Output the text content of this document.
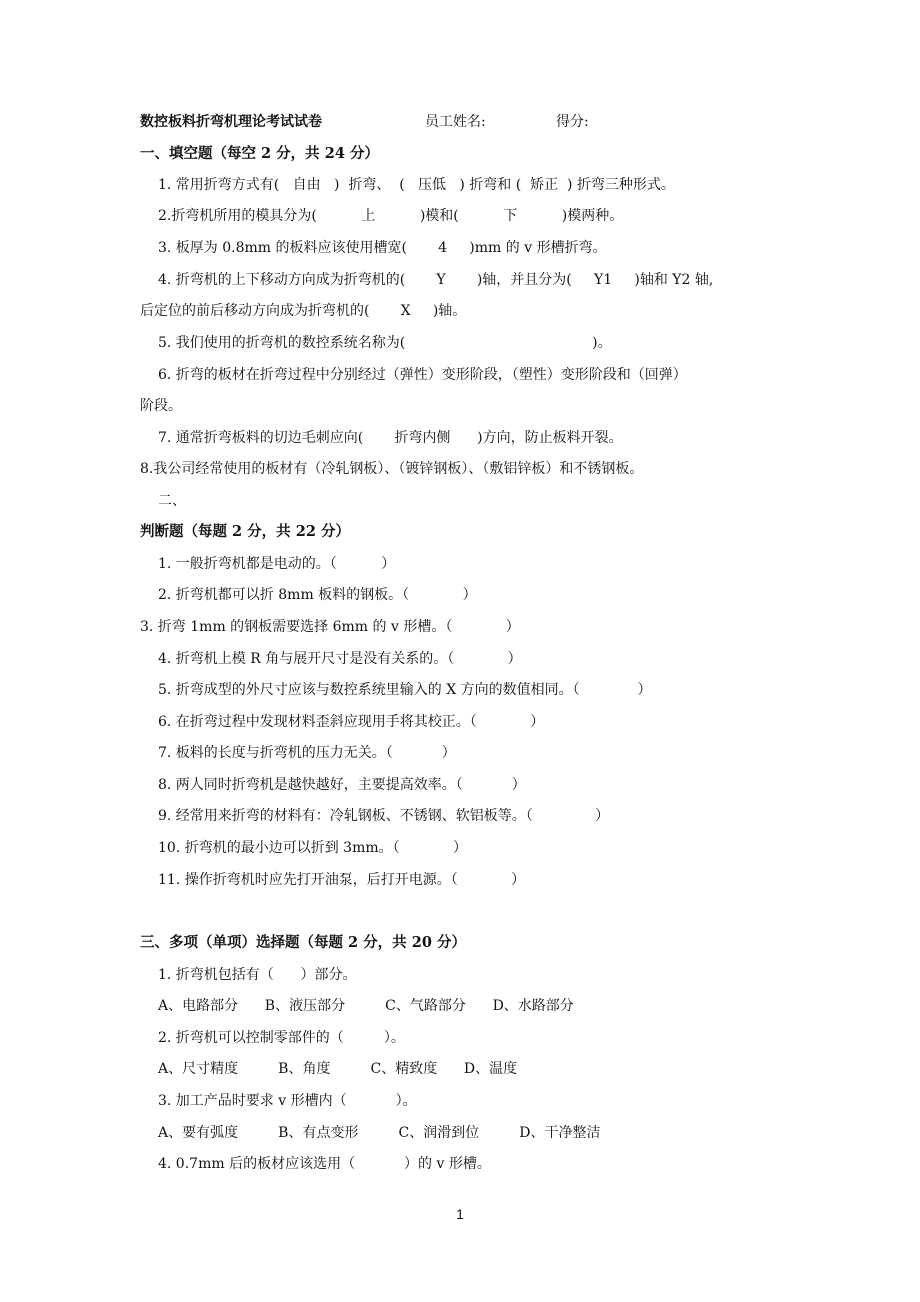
数控板料折弯机理论考试试卷	员工姓名:	得分:
一、填空题（每空 2 分，共 24 分）
1. 常用折弯方式有(   自由   )  折弯、  (   压低   ) 折弯和 (  矫正  ) 折弯三种形式。
2.折弯机所用的模具分为(          上          )模和(          下          )模两种。
3. 板厚为 0.8mm 的板料应该使用槽宽(       4     )mm 的 v 形槽折弯。
4. 折弯机的上下移动方向成为折弯机的(       Y       )轴，并且分为(     Y1     )轴和 Y2 轴,
后定位的前后移动方向成为折弯机的(       X     )轴。
5. 我们使用的折弯机的数控系统名称为(                                          )。
6. 折弯的板材在折弯过程中分别经过（弹性）变形阶段，（塑性）变形阶段和（回弹）
阶段。
7. 通常折弯板料的切边毛刺应向(       折弯内侧      )方向，防止板料开裂。
8.我公司经常使用的板材有（冷轧钢板）、（镀锌钢板）、（敷铝锌板）和不锈钢板。
二、
判断题（每题 2 分，共 22 分）
1. 一般折弯机都是电动的。（          ）
2. 折弯机都可以折 8mm 板料的钢板。（            ）
3. 折弯 1mm 的钢板需要选择 6mm 的 v 形槽。（            ）
4. 折弯机上模 R 角与展开尺寸是没有关系的。（            ）
5. 折弯成型的外尺寸应该与数控系统里输入的 X 方向的数值相同。（             ）
6. 在折弯过程中发现材料歪斜应现用手将其校正。（            ）
7. 板料的长度与折弯机的压力无关。（           ）
8. 两人同时折弯机是越快越好，主要提高效率。（           ）
9. 经常用来折弯的材料有：冷轧钢板、不锈钢、软铝板等。（              ）
10. 折弯机的最小边可以折到 3mm。（            ）
11. 操作折弯机时应先打开油泵，后打开电源。（            ）
三、多项（单项）选择题（每题 2 分，共 20 分）
1. 折弯机包括有（      ）部分。
A、电路部分      B、液压部分         C、气路部分      D、水路部分
2. 折弯机可以控制零部件的（         ）。
A、尺寸精度         B、角度         C、精致度      D、温度
3. 加工产品时要求 v 形槽内（           ）。
A、要有弧度         B、有点变形         C、润滑到位         D、干净整洁
4. 0.7mm 后的板材应该选用（           ）的 v 形槽。
1
